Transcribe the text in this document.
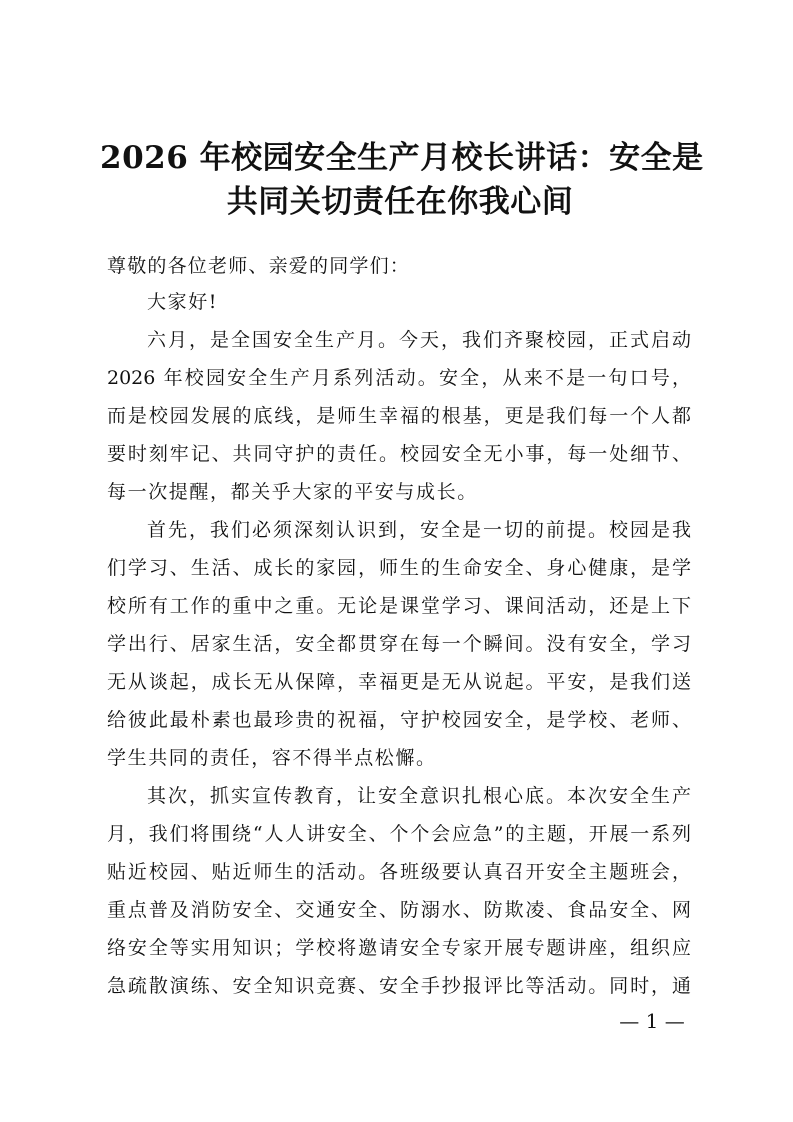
2026 年校园安全生产月校长讲话：安全是
共同关切责任在你我心间

尊敬的各位老师、亲爱的同学们：

大家好!

六月，是全国安全生产月。今天，我们齐聚校园，正式启动

2026 年校园安全生产月系列活动。安全，从来不是一句口号，

而是校园发展的底线，是师生幸福的根基，更是我们每一个人都

要时刻牢记、共同守护的责任。校园安全无小事，每一处细节、

每一次提醒，都关乎大家的平安与成长。

首先，我们必须深刻认识到，安全是一切的前提。校园是我

们学习、生活、成长的家园，师生的生命安全、身心健康，是学

校所有工作的重中之重。无论是课堂学习、课间活动，还是上下

学出行、居家生活，安全都贯穿在每一个瞬间。没有安全，学习

无从谈起，成长无从保障，幸福更是无从说起。平安，是我们送

给彼此最朴素也最珍贵的祝福，守护校园安全，是学校、老师、

学生共同的责任，容不得半点松懈。

其次，抓实宣传教育，让安全意识扎根心底。本次安全生产

月，我们将围绕“人人讲安全、个个会应急”的主题，开展一系列

贴近校园、贴近师生的活动。各班级要认真召开安全主题班会，

重点普及消防安全、交通安全、防溺水、防欺凌、食品安全、网

络安全等实用知识；学校将邀请安全专家开展专题讲座，组织应

急疏散演练、安全知识竞赛、安全手抄报评比等活动。同时，通

— 1 —
